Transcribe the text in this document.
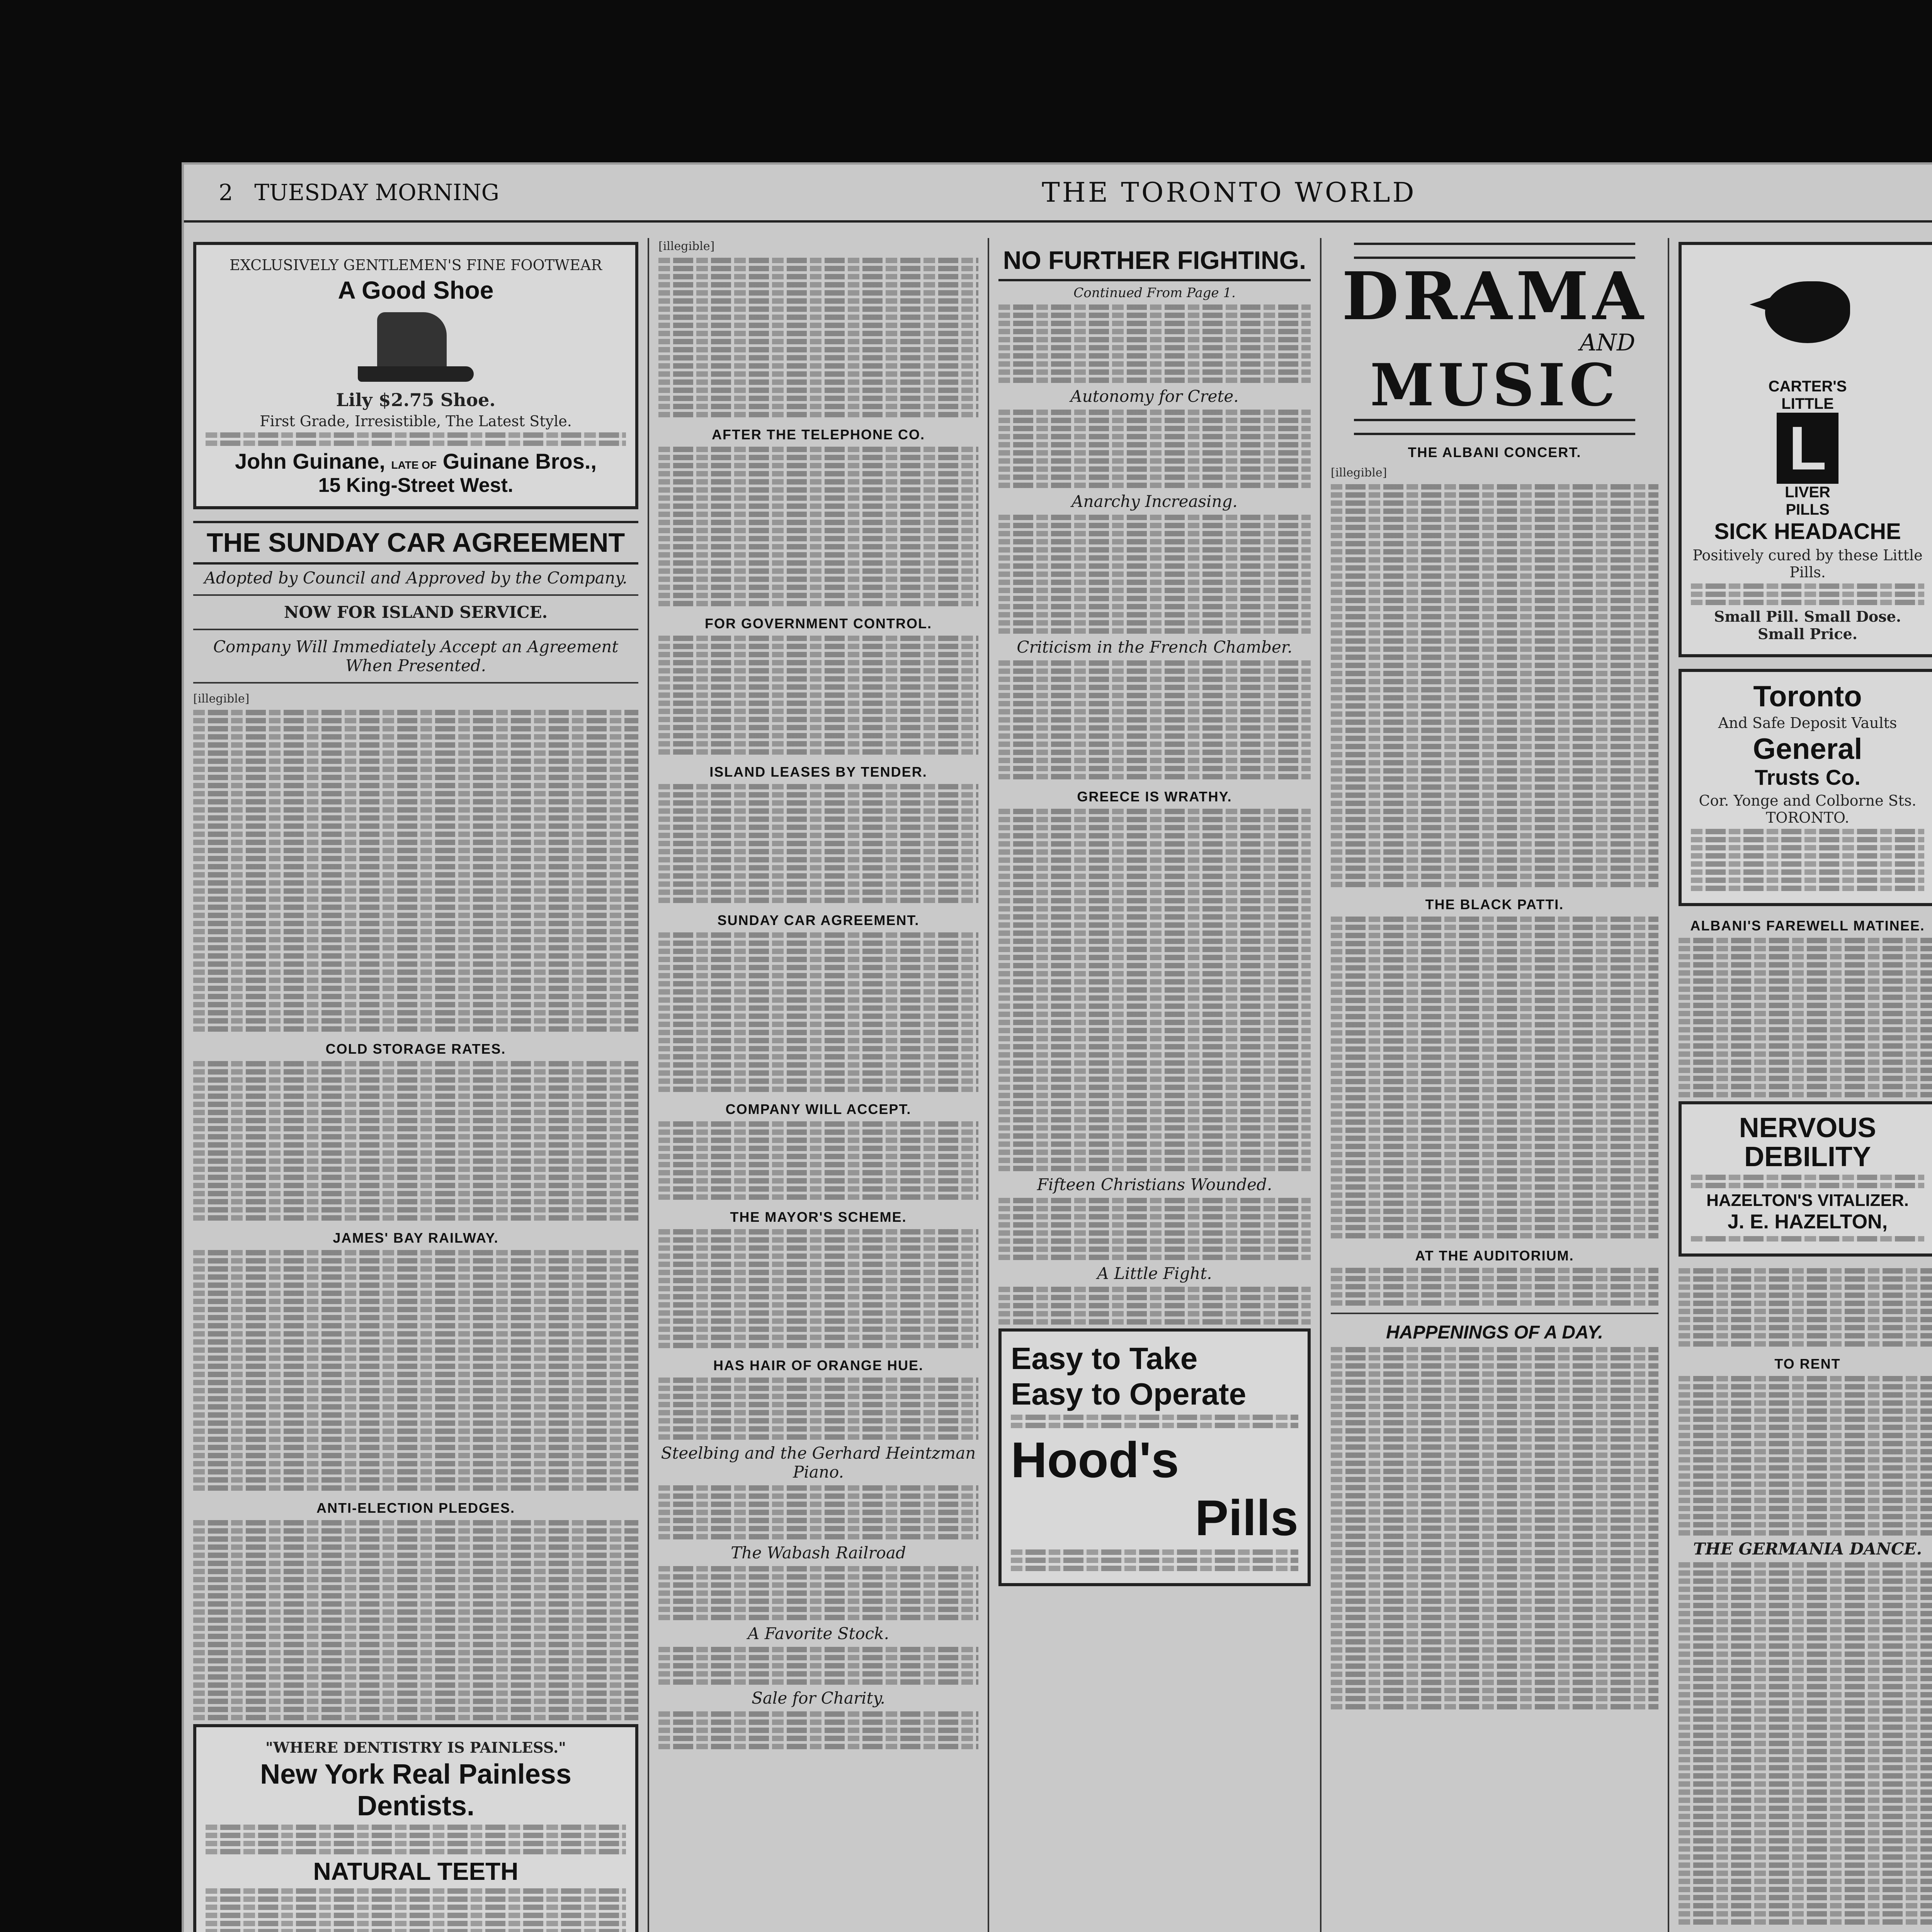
2 TUESDAY MORNING	THE TORONTO WORLD
EXCLUSIVELY GENTLEMEN'S FINE FOOTWEAR
A Good Shoe
Lily $2.75 Shoe.
First Grade, Irresistible, The Latest Style.
John Guinane, LATE OF Guinane Bros.,
15 King-Street West.
THE SUNDAY CAR AGREEMENT
Adopted by Council and Approved by the Company.
NOW FOR ISLAND SERVICE.
Company Will Immediately Accept an Agreement When Presented.
[illegible]
COLD STORAGE RATES.
JAMES' BAY RAILWAY.
ANTI-ELECTION PLEDGES.
"WHERE DENTISTRY IS PAINLESS."
New York Real Painless Dentists.
NATURAL TEETH
[illegible]
AFTER THE TELEPHONE CO.
FOR GOVERNMENT CONTROL.
ISLAND LEASES BY TENDER.
SUNDAY CAR AGREEMENT.
COMPANY WILL ACCEPT.
THE MAYOR'S SCHEME.
HAS HAIR OF ORANGE HUE.
Steelbing and the Gerhard Heintzman Piano.
The Wabash Railroad
A Favorite Stock.
Sale for Charity.
NO FURTHER FIGHTING.
Continued From Page 1.
Autonomy for Crete.
Anarchy Increasing.
Criticism in the French Chamber.
GREECE IS WRATHY.
Fifteen Christians Wounded.
A Little Fight.
Easy to Take
Easy to Operate
Hood's
Pills
DRAMA
AND
MUSIC
THE ALBANI CONCERT.
[illegible]
THE BLACK PATTI.
AT THE AUDITORIUM.
HAPPENINGS OF A DAY.
CARTER'S
LITTLE
L
LIVER
PILLS
SICK HEADACHE
Positively cured by these Little Pills.
Small Pill. Small Dose. Small Price.
Toronto
And Safe Deposit Vaults
General
Trusts Co.
Cor. Yonge and Colborne Sts. TORONTO.
ALBANI'S FAREWELL MATINEE.
NERVOUS DEBILITY
HAZELTON'S VITALIZER.
J. E. HAZELTON,
TO RENT
THE GERMANIA DANCE.
